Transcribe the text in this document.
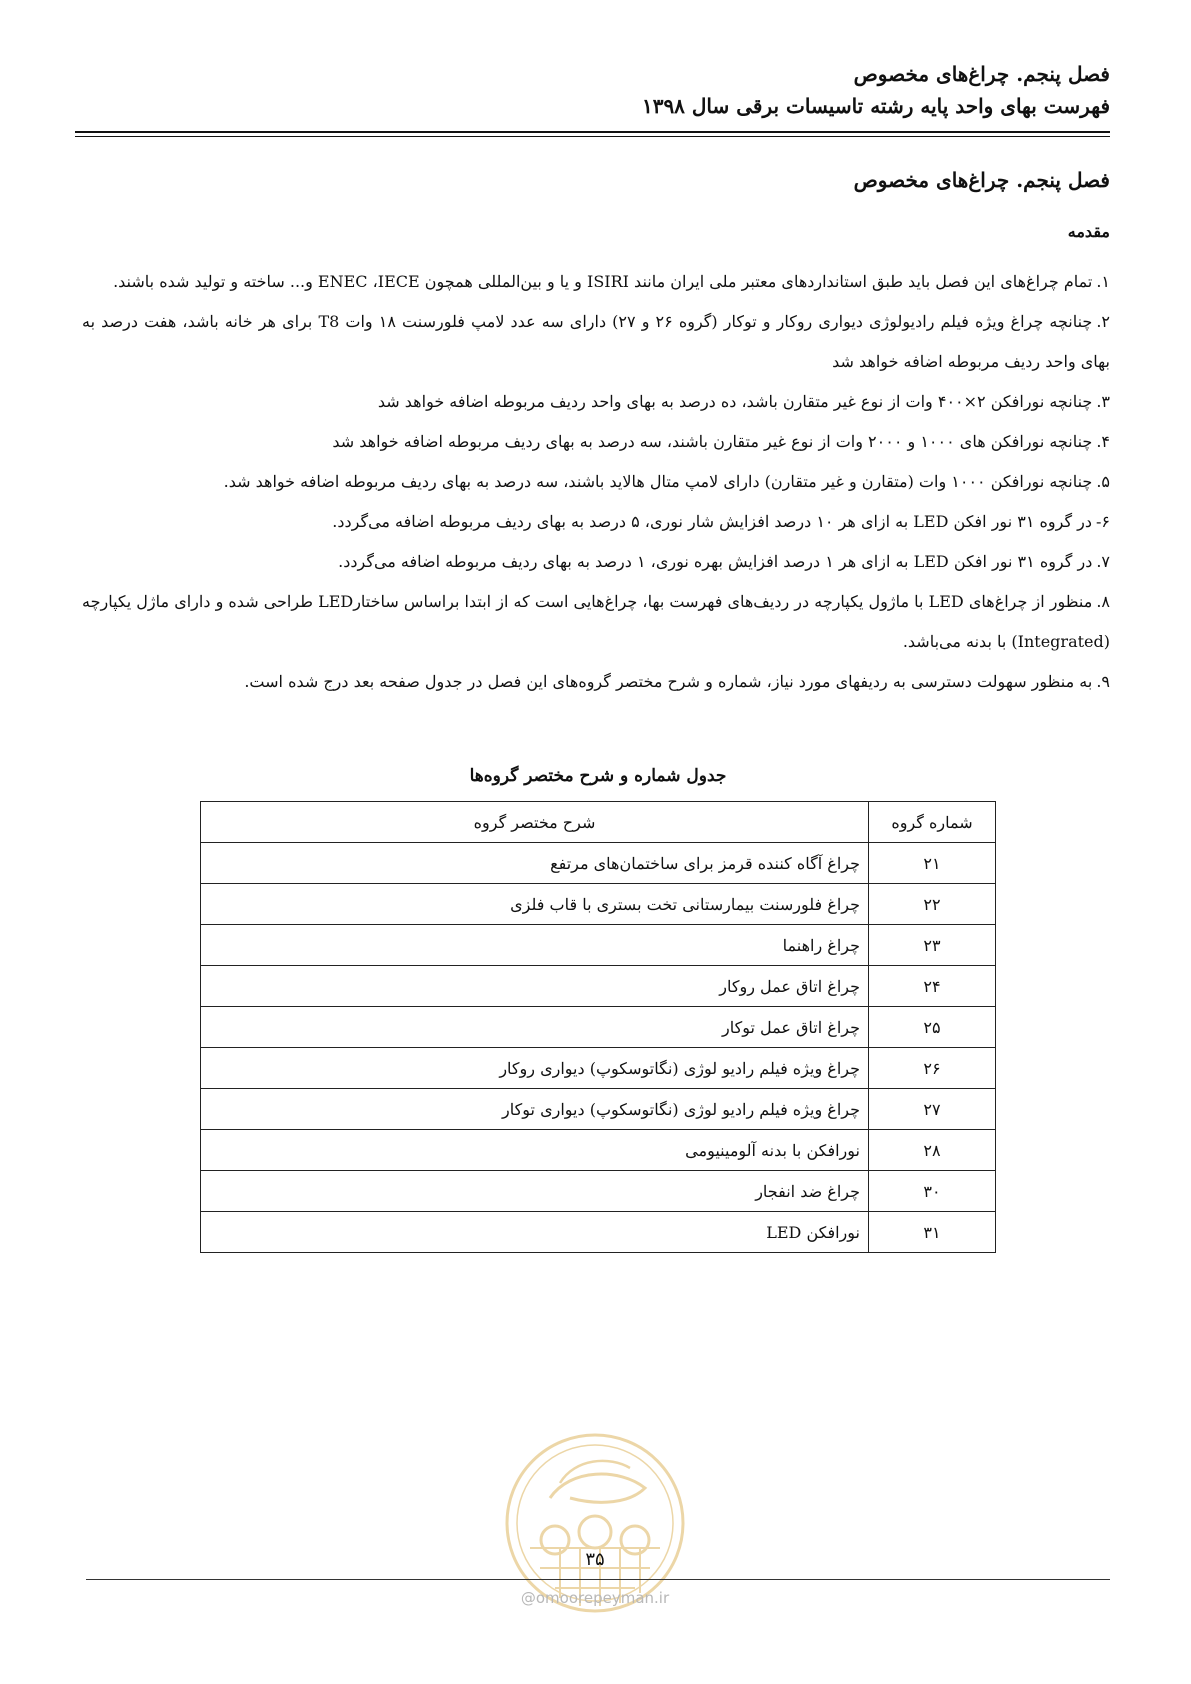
فصل پنجم. چراغ‌های مخصوص
فهرست بهای واحد پایه رشته تاسیسات برقی سال ۱۳۹۸
فصل پنجم. چراغ‌های مخصوص
مقدمه
۱.تمام چراغ‌های این فصل باید طبق استانداردهای معتبر ملی ایران مانند ISIRI و یا و بین‌المللی همچون ENEC ،IECE و... ساخته و تولید شده باشند.
۲.چنانچه چراغ ویژه فیلم رادیولوژی دیواری روکار و توکار (گروه ۲۶ و ۲۷) دارای سه عدد لامپ فلورسنت ۱۸ وات T8 برای هر خانه باشد، هفت درصد به بهای واحد ردیف مربوطه اضافه خواهد شد
۳.چنانچه نورافکن ۲×۴۰۰ وات از نوع غیر متقارن باشد، ده درصد به بهای واحد ردیف مربوطه اضافه خواهد شد
۴.چنانچه نورافکن های ۱۰۰۰ و ۲۰۰۰ وات از نوع غیر متقارن باشند، سه درصد به بهای ردیف مربوطه اضافه خواهد شد
۵.چنانچه نورافکن ۱۰۰۰ وات (متقارن و غیر متقارن) دارای لامپ متال هالاید باشند، سه درصد به بهای ردیف مربوطه اضافه خواهد شد.
۶-در گروه ۳۱ نور افکن LED به ازای هر ۱۰ درصد افزایش شار نوری، ۵ درصد به بهای ردیف مربوطه اضافه می‌گردد.
۷.در گروه ۳۱ نور افکن LED به ازای هر ۱ درصد افزایش بهره نوری، ۱ درصد به بهای ردیف مربوطه اضافه می‌گردد.
۸.منظور از چراغ‌های LED با ماژول یکپارچه در ردیف‌های فهرست بها، چراغ‌هایی است که از ابتدا براساس ساختارLED طراحی شده و دارای ماژل یکپارچه (Integrated) با بدنه می‌باشد.
۹.به منظور سهولت دسترسی به ردیفهای مورد نیاز، شماره و شرح مختصر گروه‌های این فصل در جدول صفحه بعد درج شده است.
جدول شماره و شرح مختصر گروه‌ها
شماره گروه	شرح مختصر گروه
۲۱	چراغ آگاه کننده قرمز برای ساختمان‌های مرتفع
۲۲	چراغ فلورسنت بیمارستانی تخت بستری با قاب فلزی
۲۳	چراغ راهنما
۲۴	چراغ اتاق عمل روکار
۲۵	چراغ اتاق عمل توکار
۲۶	چراغ ویژه فیلم رادیو لوژی (نگاتوسکوپ) دیواری روکار
۲۷	چراغ ویژه فیلم رادیو لوژی (نگاتوسکوپ) دیواری توکار
۲۸	نورافکن با بدنه آلومینیومی
۳۰	چراغ ضد انفجار
۳۱	نورافکن LED
۳۵
@omoorepeyman.ir
